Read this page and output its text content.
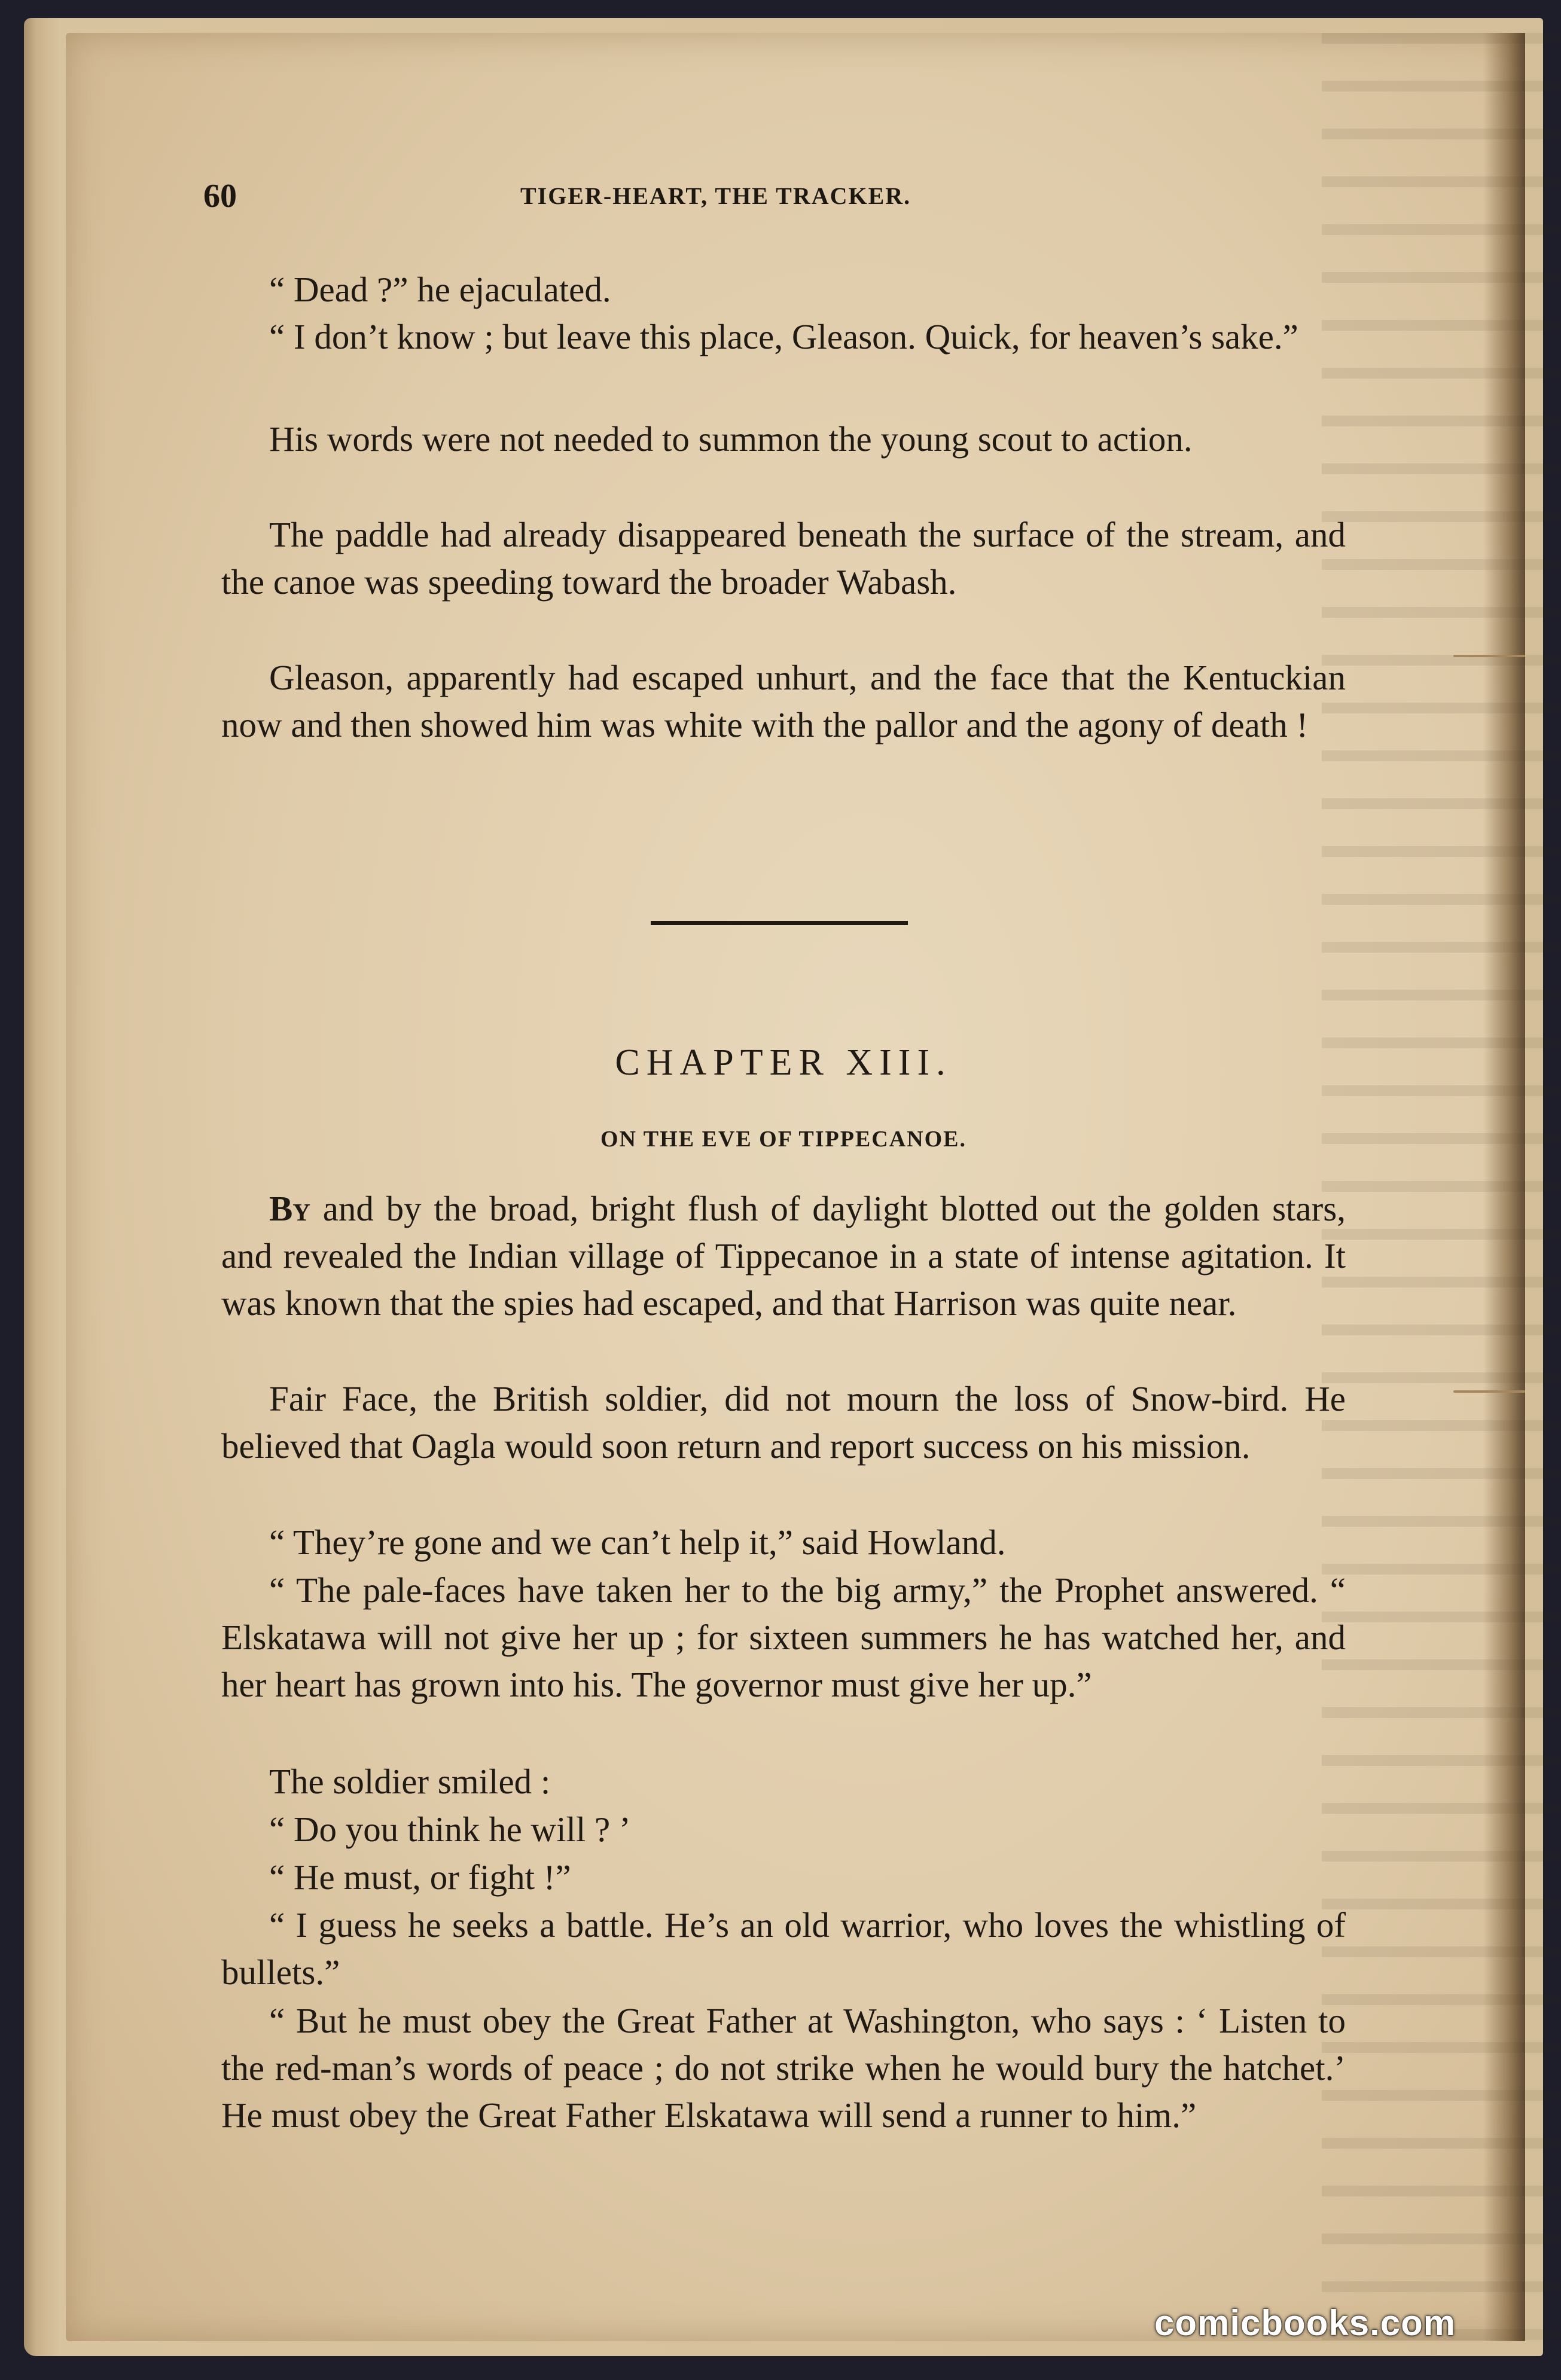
60	TIGER-HEART, THE TRACKER.

“ Dead ?” he ejaculated.

“ I don’t know ; but leave this place, Gleason. Quick, for heaven’s sake.”

His words were not needed to summon the young scout to action.

The paddle had already disappeared beneath the surface of the stream, and the canoe was speeding toward the broader Wabash.

Gleason, apparently had escaped unhurt, and the face that the Kentuckian now and then showed him was white with the pallor and the agony of death !

CHAPTER XIII.
ON THE EVE OF TIPPECANOE.

By and by the broad, bright flush of daylight blotted out the golden stars, and revealed the Indian village of Tippecanoe in a state of intense agitation. It was known that the spies had escaped, and that Harrison was quite near.

Fair Face, the British soldier, did not mourn the loss of Snow-bird. He believed that Oagla would soon return and report success on his mission.

“ They’re gone and we can’t help it,” said Howland.

“ The pale-faces have taken her to the big army,” the Prophet answered. “ Elskatawa will not give her up ; for sixteen summers he has watched her, and her heart has grown into his. The governor must give her up.”

The soldier smiled :

“ Do you think he will ? ’

“ He must, or fight !”

“ I guess he seeks a battle. He’s an old warrior, who loves the whistling of bullets.”

“ But he must obey the Great Father at Washington, who says : ‘ Listen to the red-man’s words of peace ; do not strike when he would bury the hatchet.’ He must obey the Great Father Elskatawa will send a runner to him.”

comicbooks.com
